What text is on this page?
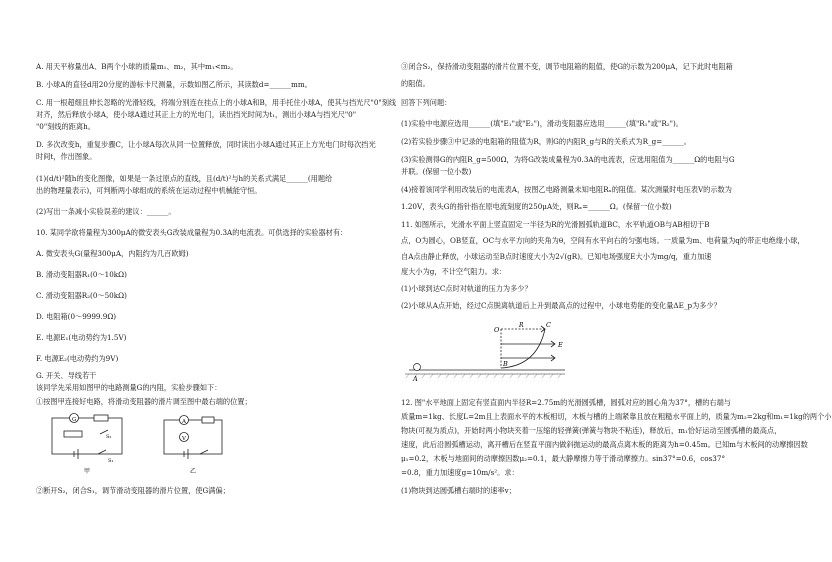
A. 用天平称量出A、B两个小球的质量m₁、m₂，其中m₁<m₂。
B. 小球A的直径d用20分度的游标卡尺测量，示数如图乙所示，其读数d=______mm。
C. 用一根超细且伸长忽略的光滑轻线，将端分别连在挂点上的小球A和B，用手托住小球A，使其与挡光尺"0"刻线
对齐，然后释放小球A，使小球A通过其正上方的光电门，读出挡光时间为t₁，测出小球A与挡光尺"0"
"0"刻线的距离h。
D. 多次改变h，重复步骤C，让小球A每次从同一位置释放，同时读出小球A通过其正上方光电门时每次挡光
时间t，作出图象。
(1)(d/t)²随h的变化图像，如果是一条过原点的直线，且(d/t)²与h的关系式满足______(用题给
出的物理量表示)，可判断两小球组成的系统在运动过程中机械能守恒。
(2)写出一条减小实验误差的建议：______。
10. 某同学欲将量程为300μA的微安表头G改装成量程为0.3A的电流表。可供选择的实验器材有：
A. 微安表头G(量程300μA，内阻约为几百欧姆)
B. 滑动变阻器R₁(0～10kΩ)
C. 滑动变阻器R₂(0～50kΩ)
D. 电阻箱(0～9999.9Ω)
E. 电源E₁(电动势约为1.5V)
F. 电源E₂(电动势约为9V)
G. 开关、导线若干
该同学先采用如图甲的电路测量G的内阻，实验步骤如下：
①按图甲连接好电路，将滑动变阻器的滑片调至图中最右端的位置；
G
S₂
S₁
A
V
甲	乙
②断开S₂，闭合S₁，调节滑动变阻器的滑片位置，使G满偏；
③闭合S₂，保持滑动变阻器的滑片位置不变，调节电阻箱的阻值，使G的示数为200μA，记下此时电阻箱
的阻值。
回答下列问题：
(1)实验中电源应选用______(填"E₁"或"E₂")，滑动变阻器应选用______(填"R₁"或"R₂")。
(2)若实验步骤③中记录的电阻箱的阻值为R，则G的内阻R_g与R的关系式为R_g=______。
(3)实验测得G的内阻R_g=500Ω，为将G改装成量程为0.3A的电流表，应选用阻值为______Ω的电阻与G
并联。(保留一位小数)
(4)接着该同学利用改装后的电流表A，按图乙电路测量未知电阻Rₓ的阻值。某次测量时电压表V的示数为
1.20V，表头G的指针指在原电流刻度的250μA处，则Rₓ=______Ω。(保留一位小数)
11. 如图所示，光滑水平面上竖直固定一半径为R的光滑圆弧轨道BC，水平轨道OB与AB相切于B
点，O为圆心，OB竖直，OC与水平方向的夹角为θ，空间有水平向右的匀强电场。一质量为m、电荷量为q的带正电绝缘小球，
自A点由静止释放，小球运动至B点时速度大小为2√(gR)。已知电场强度E大小为mg/q，重力加速
度大小为g，不计空气阻力。求：
(1)小球到达C点时对轨道的压力为多少？
(2)小球从A点开始，经过C点脱离轨道后上升到最高点的过程中，小球电势能的变化量ΔE_p为多少？
O
R	C
B
A
E
12. 图"水平地面上固定有竖直面内半径R=2.75m的光滑圆弧槽，圆弧对应的圆心角为37°，槽的右端与
质量m=1kg、长度L=2m且上表面水平的木板相切，木板与槽的上端紧靠且放在粗糙水平面上的，质量为m₂=2kg和m₁=1kg的两个小
物块(可视为质点)，开始时两小物块夹着一压缩的轻弹簧(弹簧与物块不粘连)，释放后，m₁恰好运动至圆弧槽的最高点，
速度，此后沿圆弧槽运动，离开槽后在竖直平面内做斜抛运动的最高点离木板的距离为h=0.45m。已知m与木板间的动摩擦因数
μ₁=0.2，木板与地面间的动摩擦因数μ₂=0.1，最大静摩擦力等于滑动摩擦力。sin37°=0.6，cos37°
=0.8，重力加速度g=10m/s²。求：
(1)物块到达圆弧槽右端时的速率v；
